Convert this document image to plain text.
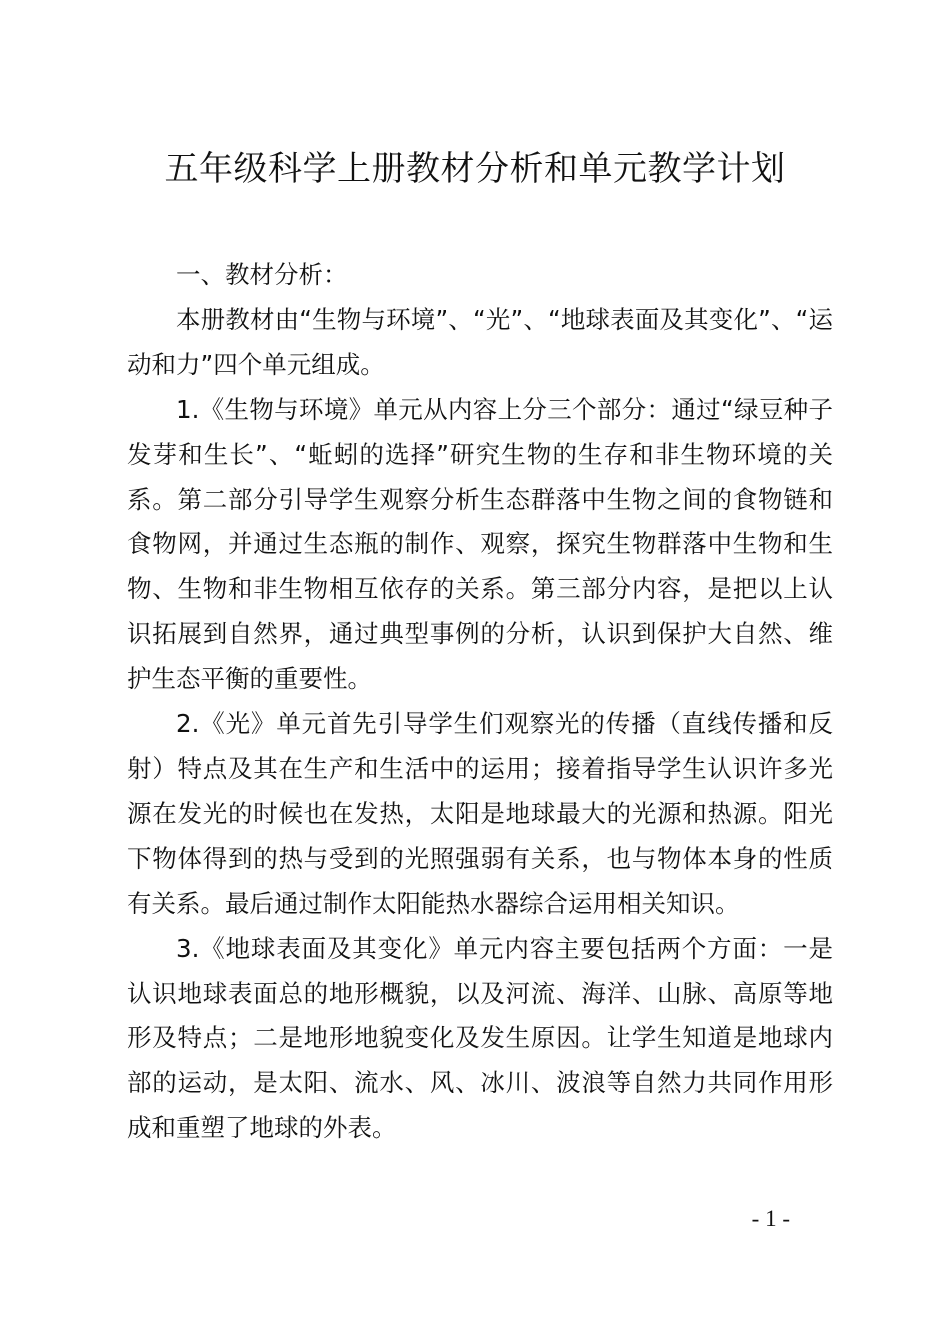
五年级科学上册教材分析和单元教学计划

一、教材分析：

本册教材由“生物与环境”、“光”、“地球表面及其变化”、“运动和力”四个单元组成。

1.《生物与环境》单元从内容上分三个部分：通过“绿豆种子发芽和生长”、“蚯蚓的选择”研究生物的生存和非生物环境的关系。第二部分引导学生观察分析生态群落中生物之间的食物链和食物网，并通过生态瓶的制作、观察，探究生物群落中生物和生物、生物和非生物相互依存的关系。第三部分内容，是把以上认识拓展到自然界，通过典型事例的分析，认识到保护大自然、维护生态平衡的重要性。

2.《光》单元首先引导学生们观察光的传播（直线传播和反射）特点及其在生产和生活中的运用；接着指导学生认识许多光源在发光的时候也在发热，太阳是地球最大的光源和热源。阳光下物体得到的热与受到的光照强弱有关系，也与物体本身的性质有关系。最后通过制作太阳能热水器综合运用相关知识。

3.《地球表面及其变化》单元内容主要包括两个方面：一是认识地球表面总的地形概貌，以及河流、海洋、山脉、高原等地形及特点；二是地形地貌变化及发生原因。让学生知道是地球内部的运动，是太阳、流水、风、冰川、波浪等自然力共同作用形成和重塑了地球的外表。

- 1 -
